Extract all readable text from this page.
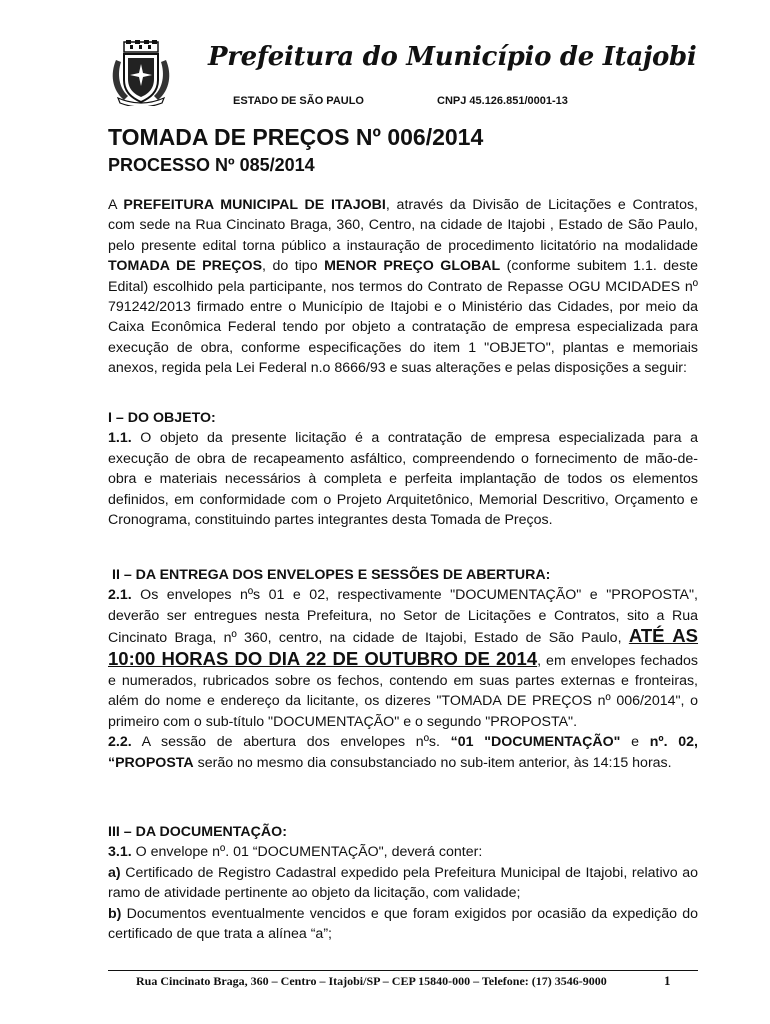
Prefeitura do Município de Itajobi
ESTADO DE SÃO PAULO	CNPJ 45.126.851/0001-13
TOMADA DE PREÇOS Nº 006/2014
PROCESSO Nº 085/2014

A PREFEITURA MUNICIPAL DE ITAJOBI, através da Divisão de Licitações e Contratos, com sede na Rua Cincinato Braga, 360, Centro, na cidade de Itajobi , Estado de São Paulo, pelo presente edital torna público a instauração de procedimento licitatório na modalidade TOMADA DE PREÇOS, do tipo MENOR PREÇO GLOBAL (conforme subitem 1.1. deste Edital) escolhido pela participante, nos termos do Contrato de Repasse OGU MCIDADES nº 791242/2013 firmado entre o Município de Itajobi e o Ministério das Cidades, por meio da Caixa Econômica Federal tendo por objeto a contratação de empresa especializada para execução de obra, conforme especificações do item 1 "OBJETO", plantas e memoriais anexos, regida pela Lei Federal n.o 8666/93 e suas alterações e pelas disposições a seguir:

I – DO OBJETO:

1.1. O objeto da presente licitação é a contratação de empresa especializada para a execução de obra de recapeamento asfáltico, compreendendo o fornecimento de mão-de-obra e materiais necessários à completa e perfeita implantação de todos os elementos definidos, em conformidade com o Projeto Arquitetônico, Memorial Descritivo, Orçamento e Cronograma, constituindo partes integrantes desta Tomada de Preços.

II – DA ENTREGA DOS ENVELOPES E SESSÕES DE ABERTURA:

2.1. Os envelopes nºs 01 e 02, respectivamente "DOCUMENTAÇÃO" e "PROPOSTA", deverão ser entregues nesta Prefeitura, no Setor de Licitações e Contratos, sito a Rua Cincinato Braga, nº 360, centro, na cidade de Itajobi, Estado de São Paulo, ATÉ AS 10:00 HORAS DO DIA 22 DE OUTUBRO DE 2014, em envelopes fechados e numerados, rubricados sobre os fechos, contendo em suas partes externas e fronteiras, além do nome e endereço da licitante, os dizeres "TOMADA DE PREÇOS nº 006/2014", o primeiro com o sub-título "DOCUMENTAÇÃO" e o segundo "PROPOSTA".

2.2. A sessão de abertura dos envelopes nºs. “01 "DOCUMENTAÇÃO" e nº. 02, “PROPOSTA serão no mesmo dia consubstanciado no sub-item anterior, às 14:15 horas.

III – DA DOCUMENTAÇÃO:

3.1. O envelope nº. 01 “DOCUMENTAÇÃO", deverá conter:

a) Certificado de Registro Cadastral expedido pela Prefeitura Municipal de Itajobi, relativo ao ramo de atividade pertinente ao objeto da licitação, com validade;

b) Documentos eventualmente vencidos e que foram exigidos por ocasião da expedição do certificado de que trata a alínea “a”;

Rua Cincinato Braga, 360 – Centro – Itajobi/SP – CEP 15840-000 – Telefone: (17) 3546-9000	1
